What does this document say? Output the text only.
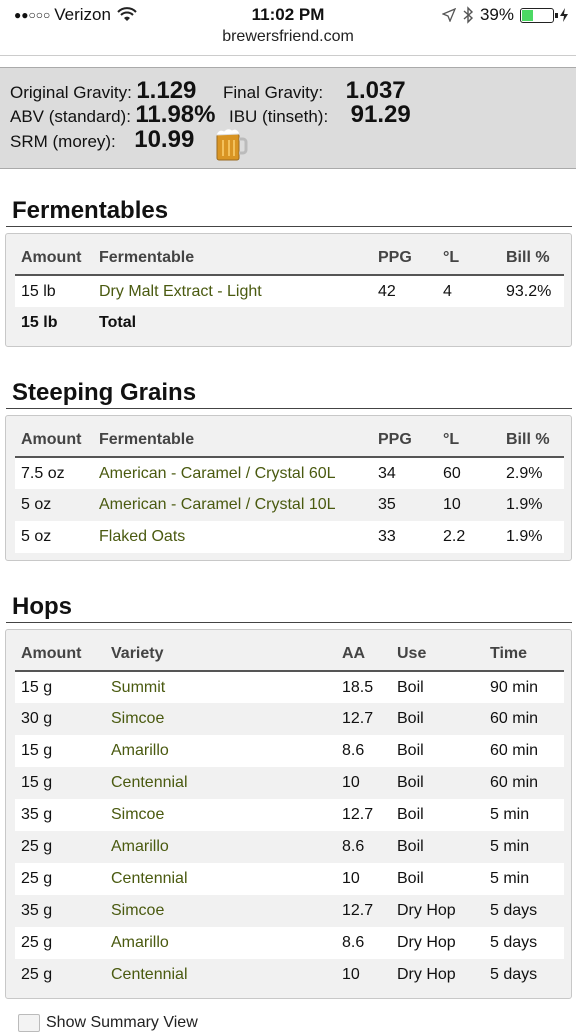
●●○○○ Verizon	11:02 PM	39%
brewersfriend.com
Original Gravity: 1.129 Final Gravity: 1.037
ABV (standard): 11.98% IBU (tinseth): 91.29
SRM (morey): 10.99
Fermentables
Amount	Fermentable	PPG	°L	Bill %
15 lb	Dry Malt Extract - Light	42	4	93.2%
15 lb	Total			
Steeping Grains
Amount	Fermentable	PPG	°L	Bill %
7.5 oz	American - Caramel / Crystal 60L	34	60	2.9%
5 oz	American - Caramel / Crystal 10L	35	10	1.9%
5 oz	Flaked Oats	33	2.2	1.9%
Hops
Amount	Variety	AA	Use	Time
15 g	Summit	18.5	Boil	90 min
30 g	Simcoe	12.7	Boil	60 min
15 g	Amarillo	8.6	Boil	60 min
15 g	Centennial	10	Boil	60 min
35 g	Simcoe	12.7	Boil	5 min
25 g	Amarillo	8.6	Boil	5 min
25 g	Centennial	10	Boil	5 min
35 g	Simcoe	12.7	Dry Hop	5 days
25 g	Amarillo	8.6	Dry Hop	5 days
25 g	Centennial	10	Dry Hop	5 days
Show Summary View
